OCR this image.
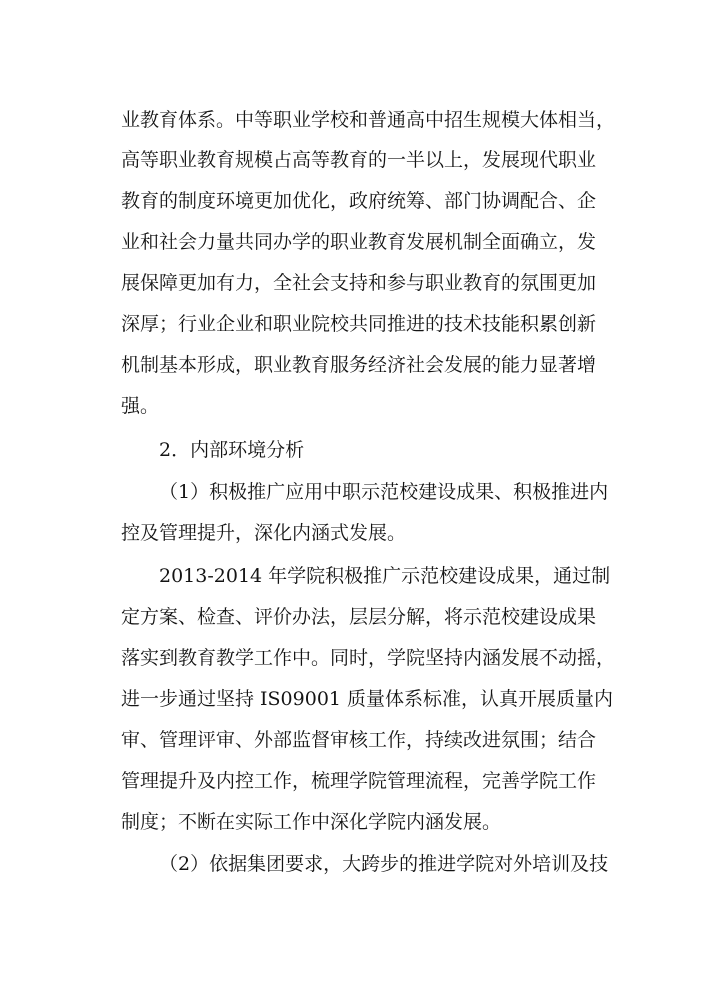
业教育体系。中等职业学校和普通高中招生规模大体相当，
高等职业教育规模占高等教育的一半以上，发展现代职业
教育的制度环境更加优化，政府统筹、部门协调配合、企
业和社会力量共同办学的职业教育发展机制全面确立，发
展保障更加有力，全社会支持和参与职业教育的氛围更加
深厚；行业企业和职业院校共同推进的技术技能积累创新
机制基本形成，职业教育服务经济社会发展的能力显著增
强。
2．内部环境分析
（1）积极推广应用中职示范校建设成果、积极推进内
控及管理提升，深化内涵式发展。
2013-2014 年学院积极推广示范校建设成果，通过制
定方案、检查、评价办法，层层分解，将示范校建设成果
落实到教育教学工作中。同时，学院坚持内涵发展不动摇，
进一步通过坚持 IS09001 质量体系标准，认真开展质量内
审、管理评审、外部监督审核工作，持续改进氛围；结合
管理提升及内控工作，梳理学院管理流程，完善学院工作
制度；不断在实际工作中深化学院内涵发展。
（2）依据集团要求，大跨步的推进学院对外培训及技
